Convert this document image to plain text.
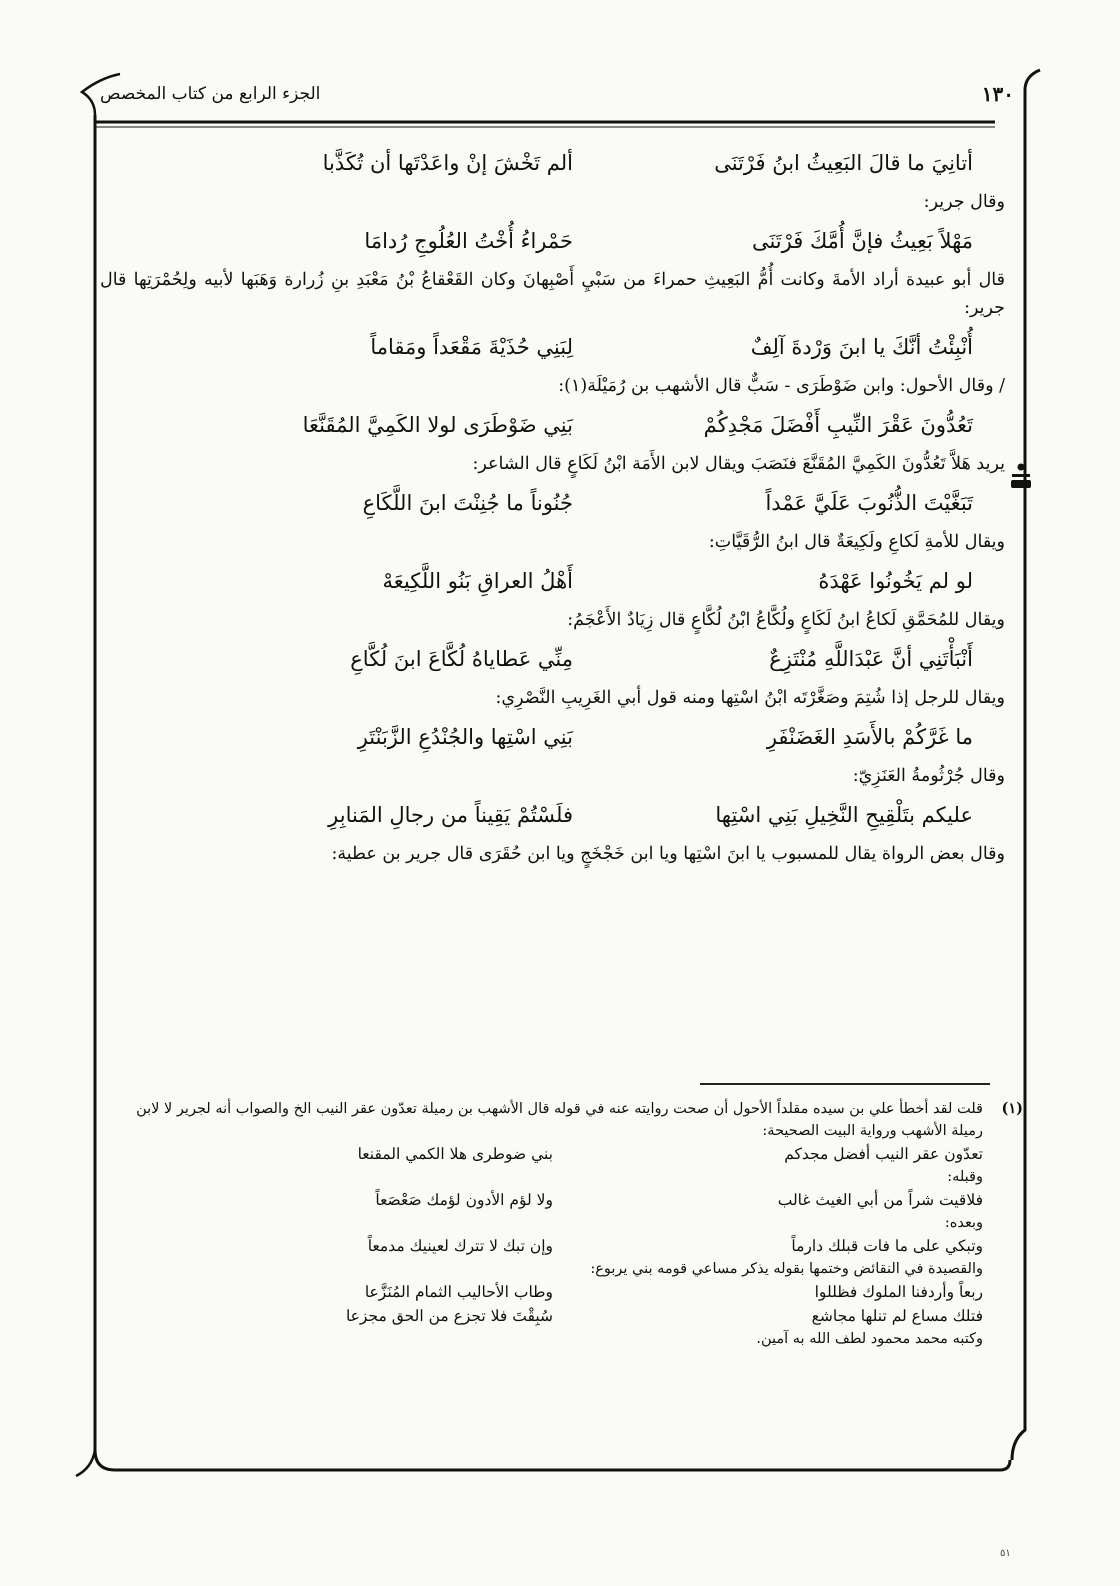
١٣٠
الجزء الرابع من كتاب المخصص
أتانِيَ ما قالَ البَعِيثُ ابنُ فَرْتَنَى
ألم تَخْشَ إنْ واعَدْتَها أن تُكَذَّبا

وقال جرير:

مَهْلاً بَعِيثُ فإنَّ أُمَّكَ فَرْتَنَى
حَمْراءُ أُخْتُ العُلُوجِ رُدامَا

قال أبو عبيدة أراد الأمةَ وكانت أُمُّ البَعِيثِ حمراءَ من سَبْيِ أَصْبِهانَ وكان القَعْقاعُ بْنُ مَعْبَدِ بنِ زُرارة وَهَبَها لأبيه ولِحُمْرَتِها قال جرير:

أُنْبِئْتُ أنَّكَ يا ابنَ وَرْدةَ آلِفٌ
لِبَنِي حُذَيْةَ مَقْعَداً ومَقاماً

/ وقال الأحول: وابن ضَوْطَرَى - سَبٌّ قال الأشهب بن رُمَيْلَة(١):

تَعُدُّونَ عَقْرَ النِّيبِ أَفْضَلَ مَجْدِكُمْ
بَنِي ضَوْطَرَى لولا الكَمِيَّ المُقَنَّعَا

يريد هَلاَّ تَعُدُّونَ الكَمِيَّ المُقَنَّعَ فنَصَبَ ويقال لابن الأَمَة ابْنُ لَكَاعٍ قال الشاعر:

تَبَغَّيْتَ الذُّنُوبَ عَلَيَّ عَمْداً
جُنُوناً ما جُنِنْتَ ابنَ اللَّكَاعِ

ويقال للأمةِ لَكاعِ ولَكِيعَةٌ قال ابنُ الرُّقَيَّاتِ:

لو لم يَخُونُوا عَهْدَهُ
أَهْلُ العراقِ بَنُو اللَّكِيعَهْ

ويقال للمُحَمَّقِ لَكاعُ ابنُ لَكَاعٍ ولُكَّاعُ ابْنُ لُكَّاعٍ قال زِيَادٌ الأَعْجَمُ:

أَنْبَأْتَنِي أنَّ عَبْدَاللَّهِ مُنْتَزِعٌ
مِنِّي عَطاياهُ لُكَّاعَ ابنَ لُكَّاعِ

ويقال للرجل إذا شُتِمَ وصَغَّرْتَه ابْنُ اسْتِها ومنه قول أبي الغَرِيبِ النَّصْرِي:

ما غَرَّكُمْ بالأَسَدِ الغَضَنْفَرِ
بَنِي اسْتِها والجُنْدُعِ الزَّبَنْتَرِ

وقال جُرْثُومةُ العَنَزِيّ:

عليكم بتَلْقِيحِ النَّخِيلِ بَنِي اسْتِها
فلَسْتُمْ يَقِيناً من رجالِ المَنابِرِ

وقال بعض الرواة يقال للمسبوب يا ابنَ اسْتِها ويا ابن خَجْخَجٍ ويا ابن حُقَرَى قال جرير بن عطية:

(١)

قلت لقد أخطأ علي بن سيده مقلداً الأحول أن صحت روايته عنه في قوله قال الأشهب بن رميلة تعدّون عقر النيب الخ والصواب أنه لجرير لا لابن رميلة الأشهب ورواية البيت الصحيحة:

تعدّون عقر النيب أفضل مجدكم
بني ضوطرى هلا الكمي المقنعا

وقبله:

فلاقيت شراً من أبي الغيث غالب
ولا لؤم الأدون لؤمك صَعْصَعاً

وبعده:

وتبكي على ما فات قبلك دارماً
وإن تبك لا تترك لعينيك مدمعاً

والقصيدة في النقائض وختمها بقوله يذكر مساعي قومه بني يربوع:

ربعاً وأردفنا الملوك فظللوا
وطاب الأحاليب الثمام المُنَزَّعا
فتلك مساع لم تنلها مجاشع
سُبِقْتَ فلا تجزع من الحق مجزعا

وكتبه محمد محمود لطف الله به آمين.

٥١
